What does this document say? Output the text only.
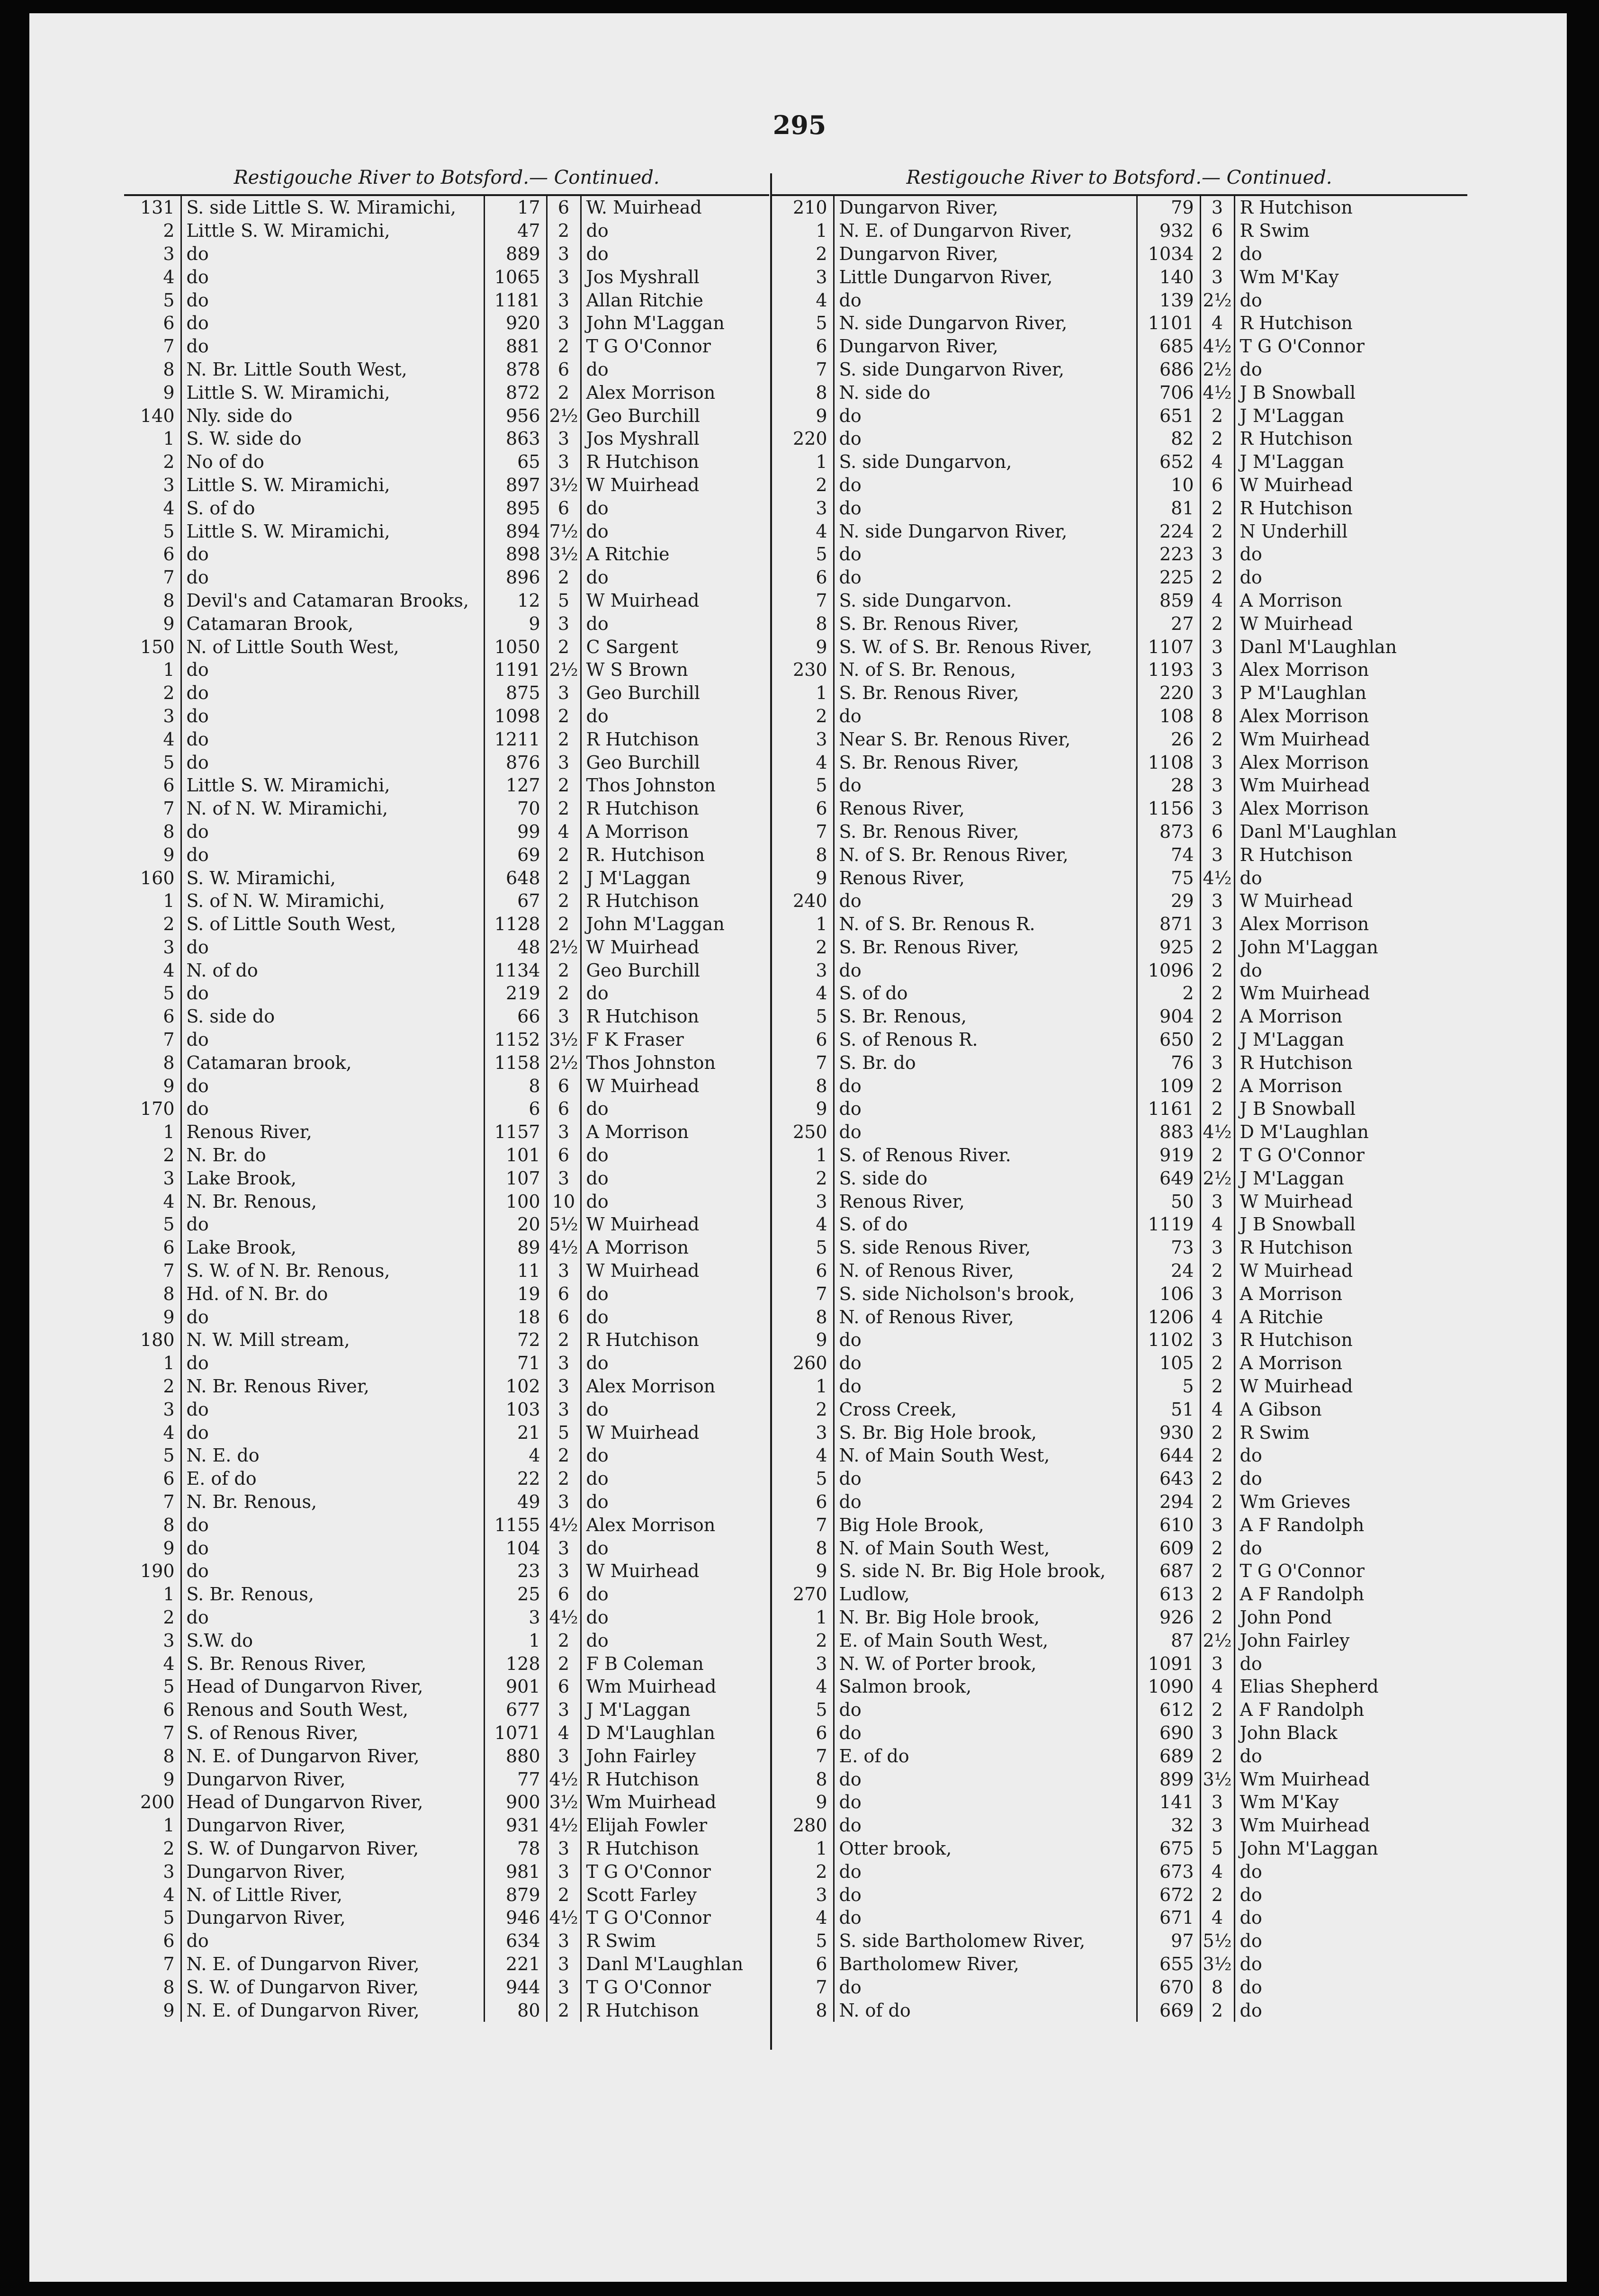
295
Restigouche River to Botsford.— Continued.
131	S. side Little S. W. Miramichi,	17	6	W. Muirhead
2	Little S. W. Miramichi,	47	2	do
3	do	889	3	do
4	do	1065	3	Jos Myshrall
5	do	1181	3	Allan Ritchie
6	do	920	3	John M'Laggan
7	do	881	2	T G O'Connor
8	N. Br. Little South West,	878	6	do
9	Little S. W. Miramichi,	872	2	Alex Morrison
140	Nly. side do	956	2½	Geo Burchill
1	S. W. side do	863	3	Jos Myshrall
2	No of do	65	3	R Hutchison
3	Little S. W. Miramichi,	897	3½	W Muirhead
4	S. of do	895	6	do
5	Little S. W. Miramichi,	894	7½	do
6	do	898	3½	A Ritchie
7	do	896	2	do
8	Devil's and Catamaran Brooks,	12	5	W Muirhead
9	Catamaran Brook,	9	3	do
150	N. of Little South West,	1050	2	C Sargent
1	do	1191	2½	W S Brown
2	do	875	3	Geo Burchill
3	do	1098	2	do
4	do	1211	2	R Hutchison
5	do	876	3	Geo Burchill
6	Little S. W. Miramichi,	127	2	Thos Johnston
7	N. of N. W. Miramichi,	70	2	R Hutchison
8	do	99	4	A Morrison
9	do	69	2	R. Hutchison
160	S. W. Miramichi,	648	2	J M'Laggan
1	S. of N. W. Miramichi,	67	2	R Hutchison
2	S. of Little South West,	1128	2	John M'Laggan
3	do	48	2½	W Muirhead
4	N. of do	1134	2	Geo Burchill
5	do	219	2	do
6	S. side do	66	3	R Hutchison
7	do	1152	3½	F K Fraser
8	Catamaran brook,	1158	2½	Thos Johnston
9	do	8	6	W Muirhead
170	do	6	6	do
1	Renous River,	1157	3	A Morrison
2	N. Br. do	101	6	do
3	Lake Brook,	107	3	do
4	N. Br. Renous,	100	10	do
5	do	20	5½	W Muirhead
6	Lake Brook,	89	4½	A Morrison
7	S. W. of N. Br. Renous,	11	3	W Muirhead
8	Hd. of N. Br. do	19	6	do
9	do	18	6	do
180	N. W. Mill stream,	72	2	R Hutchison
1	do	71	3	do
2	N. Br. Renous River,	102	3	Alex Morrison
3	do	103	3	do
4	do	21	5	W Muirhead
5	N. E. do	4	2	do
6	E. of do	22	2	do
7	N. Br. Renous,	49	3	do
8	do	1155	4½	Alex Morrison
9	do	104	3	do
190	do	23	3	W Muirhead
1	S. Br. Renous,	25	6	do
2	do	3	4½	do
3	S.W. do	1	2	do
4	S. Br. Renous River,	128	2	F B Coleman
5	Head of Dungarvon River,	901	6	Wm Muirhead
6	Renous and South West,	677	3	J M'Laggan
7	S. of Renous River,	1071	4	D M'Laughlan
8	N. E. of Dungarvon River,	880	3	John Fairley
9	Dungarvon River,	77	4½	R Hutchison
200	Head of Dungarvon River,	900	3½	Wm Muirhead
1	Dungarvon River,	931	4½	Elijah Fowler
2	S. W. of Dungarvon River,	78	3	R Hutchison
3	Dungarvon River,	981	3	T G O'Connor
4	N. of Little River,	879	2	Scott Farley
5	Dungarvon River,	946	4½	T G O'Connor
6	do	634	3	R Swim
7	N. E. of Dungarvon River,	221	3	Danl M'Laughlan
8	S. W. of Dungarvon River,	944	3	T G O'Connor
9	N. E. of Dungarvon River,	80	2	R Hutchison
Restigouche River to Botsford.— Continued.
210	Dungarvon River,	79	3	R Hutchison
1	N. E. of Dungarvon River,	932	6	R Swim
2	Dungarvon River,	1034	2	do
3	Little Dungarvon River,	140	3	Wm M'Kay
4	do	139	2½	do
5	N. side Dungarvon River,	1101	4	R Hutchison
6	Dungarvon River,	685	4½	T G O'Connor
7	S. side Dungarvon River,	686	2½	do
8	N. side do	706	4½	J B Snowball
9	do	651	2	J M'Laggan
220	do	82	2	R Hutchison
1	S. side Dungarvon,	652	4	J M'Laggan
2	do	10	6	W Muirhead
3	do	81	2	R Hutchison
4	N. side Dungarvon River,	224	2	N Underhill
5	do	223	3	do
6	do	225	2	do
7	S. side Dungarvon.	859	4	A Morrison
8	S. Br. Renous River,	27	2	W Muirhead
9	S. W. of S. Br. Renous River,	1107	3	Danl M'Laughlan
230	N. of S. Br. Renous,	1193	3	Alex Morrison
1	S. Br. Renous River,	220	3	P M'Laughlan
2	do	108	8	Alex Morrison
3	Near S. Br. Renous River,	26	2	Wm Muirhead
4	S. Br. Renous River,	1108	3	Alex Morrison
5	do	28	3	Wm Muirhead
6	Renous River,	1156	3	Alex Morrison
7	S. Br. Renous River,	873	6	Danl M'Laughlan
8	N. of S. Br. Renous River,	74	3	R Hutchison
9	Renous River,	75	4½	do
240	do	29	3	W Muirhead
1	N. of S. Br. Renous R.	871	3	Alex Morrison
2	S. Br. Renous River,	925	2	John M'Laggan
3	do	1096	2	do
4	S. of do	2	2	Wm Muirhead
5	S. Br. Renous,	904	2	A Morrison
6	S. of Renous R.	650	2	J M'Laggan
7	S. Br. do	76	3	R Hutchison
8	do	109	2	A Morrison
9	do	1161	2	J B Snowball
250	do	883	4½	D M'Laughlan
1	S. of Renous River.	919	2	T G O'Connor
2	S. side do	649	2½	J M'Laggan
3	Renous River,	50	3	W Muirhead
4	S. of do	1119	4	J B Snowball
5	S. side Renous River,	73	3	R Hutchison
6	N. of Renous River,	24	2	W Muirhead
7	S. side Nicholson's brook,	106	3	A Morrison
8	N. of Renous River,	1206	4	A Ritchie
9	do	1102	3	R Hutchison
260	do	105	2	A Morrison
1	do	5	2	W Muirhead
2	Cross Creek,	51	4	A Gibson
3	S. Br. Big Hole brook,	930	2	R Swim
4	N. of Main South West,	644	2	do
5	do	643	2	do
6	do	294	2	Wm Grieves
7	Big Hole Brook,	610	3	A F Randolph
8	N. of Main South West,	609	2	do
9	S. side N. Br. Big Hole brook,	687	2	T G O'Connor
270	Ludlow,	613	2	A F Randolph
1	N. Br. Big Hole brook,	926	2	John Pond
2	E. of Main South West,	87	2½	John Fairley
3	N. W. of Porter brook,	1091	3	do
4	Salmon brook,	1090	4	Elias Shepherd
5	do	612	2	A F Randolph
6	do	690	3	John Black
7	E. of do	689	2	do
8	do	899	3½	Wm Muirhead
9	do	141	3	Wm M'Kay
280	do	32	3	Wm Muirhead
1	Otter brook,	675	5	John M'Laggan
2	do	673	4	do
3	do	672	2	do
4	do	671	4	do
5	S. side Bartholomew River,	97	5½	do
6	Bartholomew River,	655	3½	do
7	do	670	8	do
8	N. of do	669	2	do
